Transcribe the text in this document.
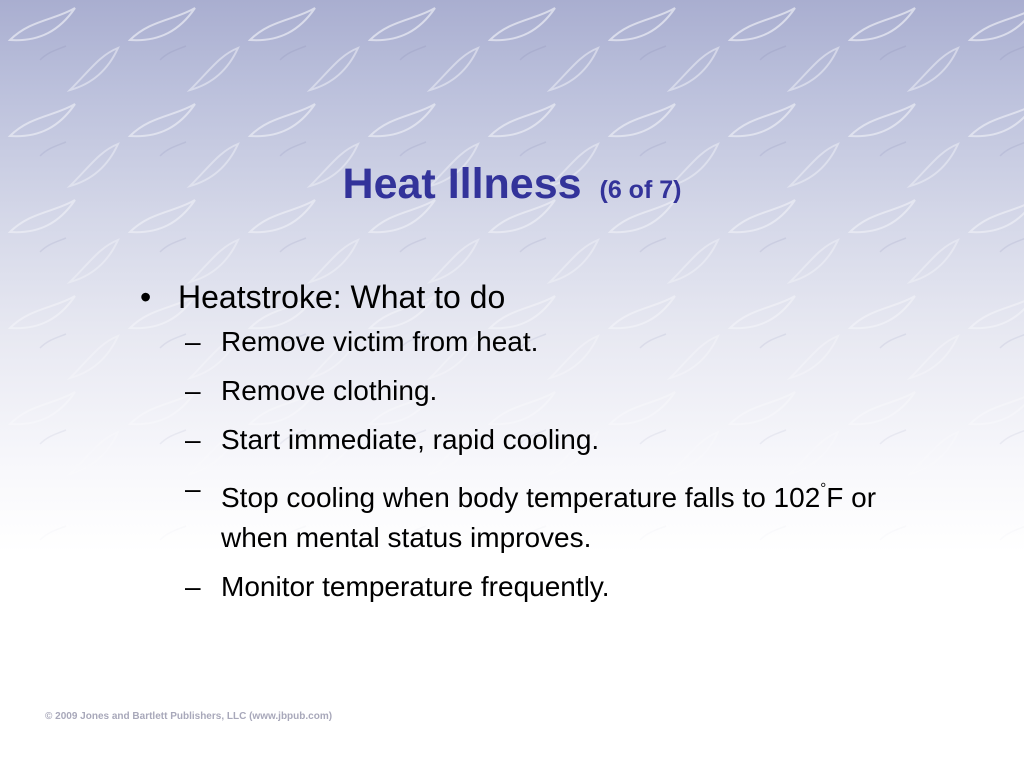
Heat Illness (6 of 7)
• Heatstroke: What to do
– Remove victim from heat.
– Remove clothing.
– Start immediate, rapid cooling.
– Stop cooling when body temperature falls to 102°F or when mental status improves.
– Monitor temperature frequently.
© 2009 Jones and Bartlett Publishers, LLC (www.jbpub.com)
